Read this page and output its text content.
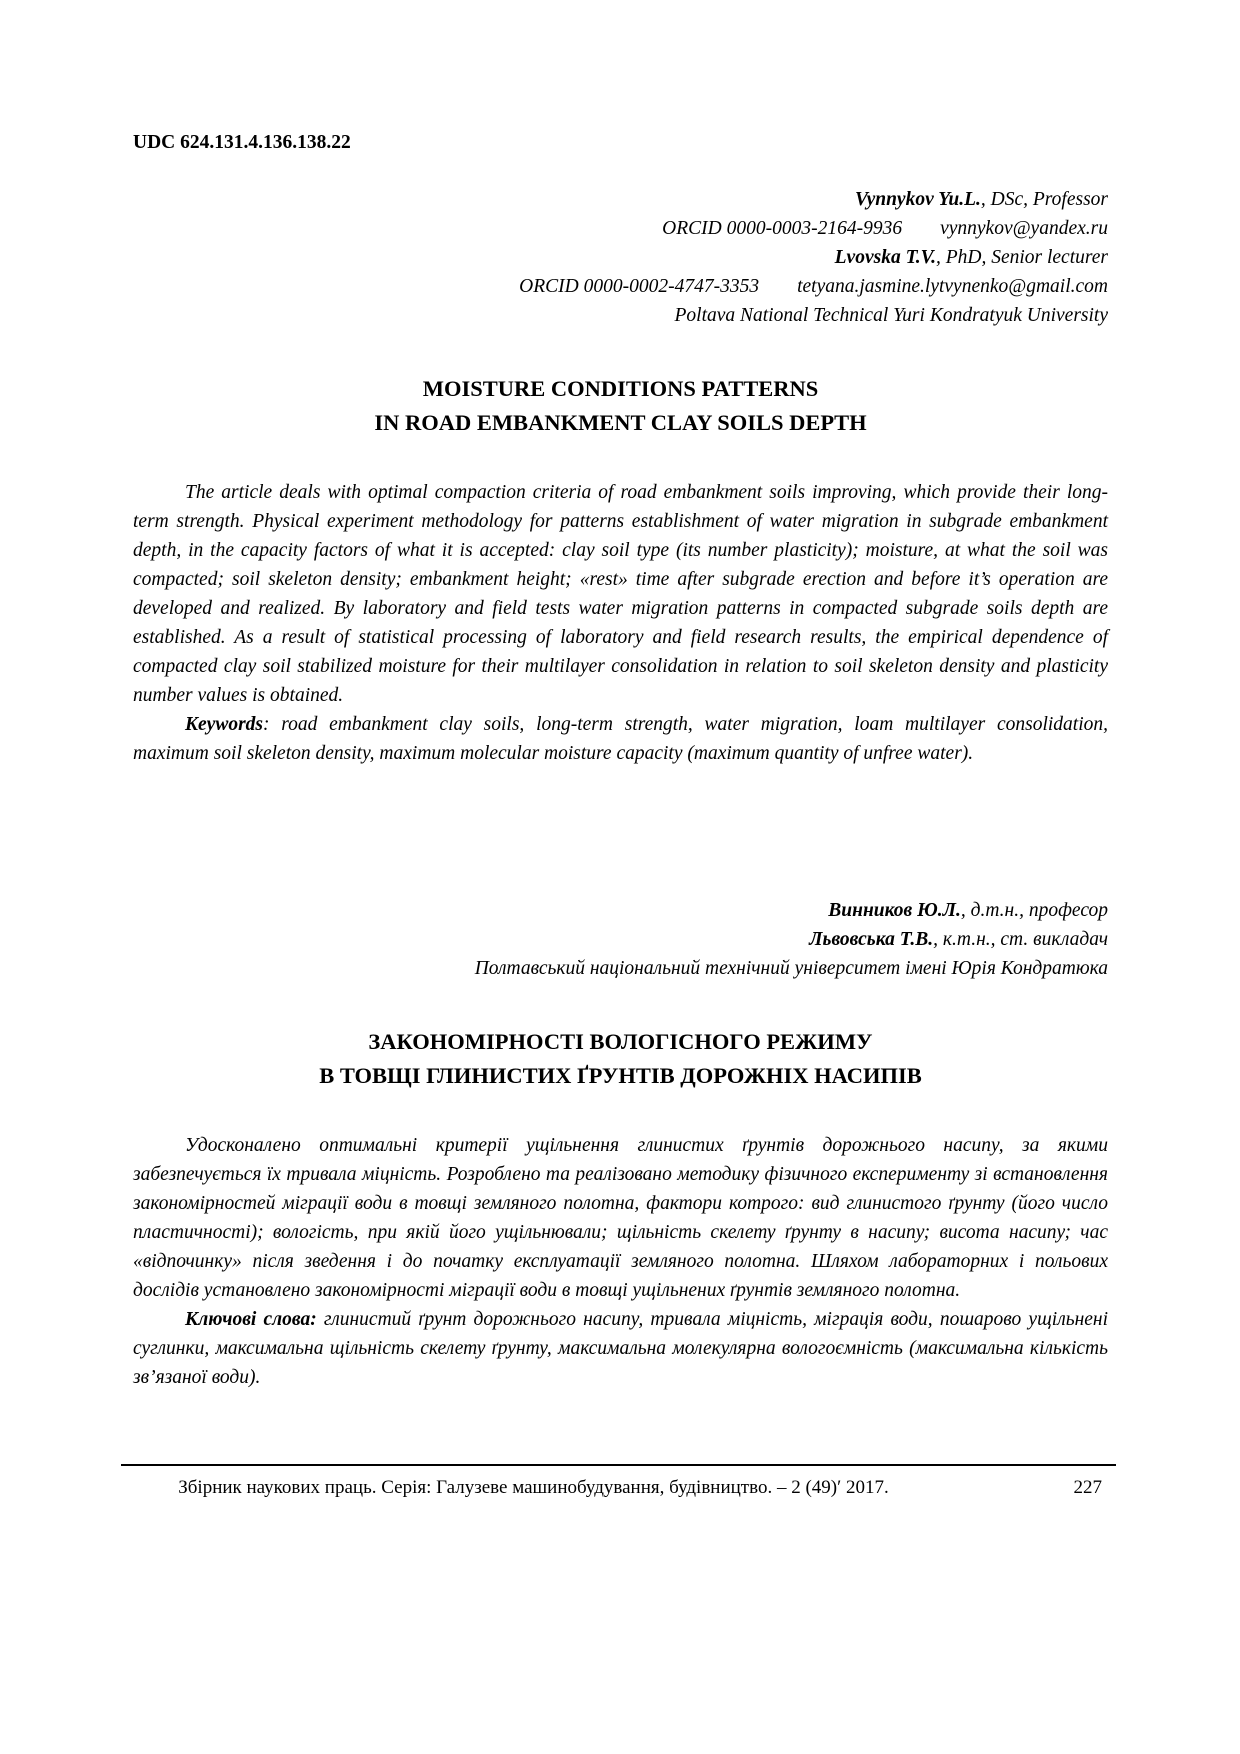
UDC 624.131.4.136.138.22

Vynnykov Yu.L., DSc, Professor

ORCID 0000-0003-2164-9936 vynnykov@yandex.ru

Lvovska T.V., PhD, Senior lecturer

ORCID 0000-0002-4747-3353 tetyana.jasmine.lytvynenko@gmail.com

Poltava National Technical Yuri Kondratyuk University

MOISTURE CONDITIONS PATTERNS
IN ROAD EMBANKMENT CLAY SOILS DEPTH

The article deals with optimal compaction criteria of road embankment soils improving, which provide their long-term strength. Physical experiment methodology for patterns establishment of water migration in subgrade embankment depth, in the capacity factors of what it is accepted: clay soil type (its number plasticity); moisture, at what the soil was compacted; soil skeleton density; embankment height; «rest» time after subgrade erection and before it’s operation are developed and realized. By laboratory and field tests water migration patterns in compacted subgrade soils depth are established. As a result of statistical processing of laboratory and field research results, the empirical dependence of compacted clay soil stabilized moisture for their multilayer consolidation in relation to soil skeleton density and plasticity number values is obtained.

Keywords: road embankment clay soils, long-term strength, water migration, loam multilayer consolidation, maximum soil skeleton density, maximum molecular moisture capacity (maximum quantity of unfree water).

Винников Ю.Л., д.т.н., професор

Львовська Т.В., к.т.н., ст. викладач

Полтавський національний технічний університет імені Юрія Кондратюка

ЗАКОНОМІРНОСТІ ВОЛОГІСНОГО РЕЖИМУ
В ТОВЩІ ГЛИНИСТИХ ҐРУНТІВ ДОРОЖНІХ НАСИПІВ

Удосконалено оптимальні критерії ущільнення глинистих ґрунтів дорожнього насипу, за якими забезпечується їх тривала міцність. Розроблено та реалізовано методику фізичного експерименту зі встановлення закономірностей міграції води в товщі земляного полотна, фактори котрого: вид глинистого ґрунту (його число пластичності); вологість, при якій його ущільнювали; щільність скелету ґрунту в насипу; висота насипу; час «відпочинку» після зведення і до початку експлуатації земляного полотна. Шляхом лабораторних і польових дослідів установлено закономірності міграції води в товщі ущільнених ґрунтів земляного полотна.

Ключові слова: глинистий ґрунт дорожнього насипу, тривала міцність, міграція води, пошарово ущільнені суглинки, максимальна щільність скелету ґрунту, максимальна молекулярна вологоємність (максимальна кількість зв’язаної води).

Збірник наукових праць. Серія: Галузеве машинобудування, будівництво. – 2 (49)′ 2017.	227
